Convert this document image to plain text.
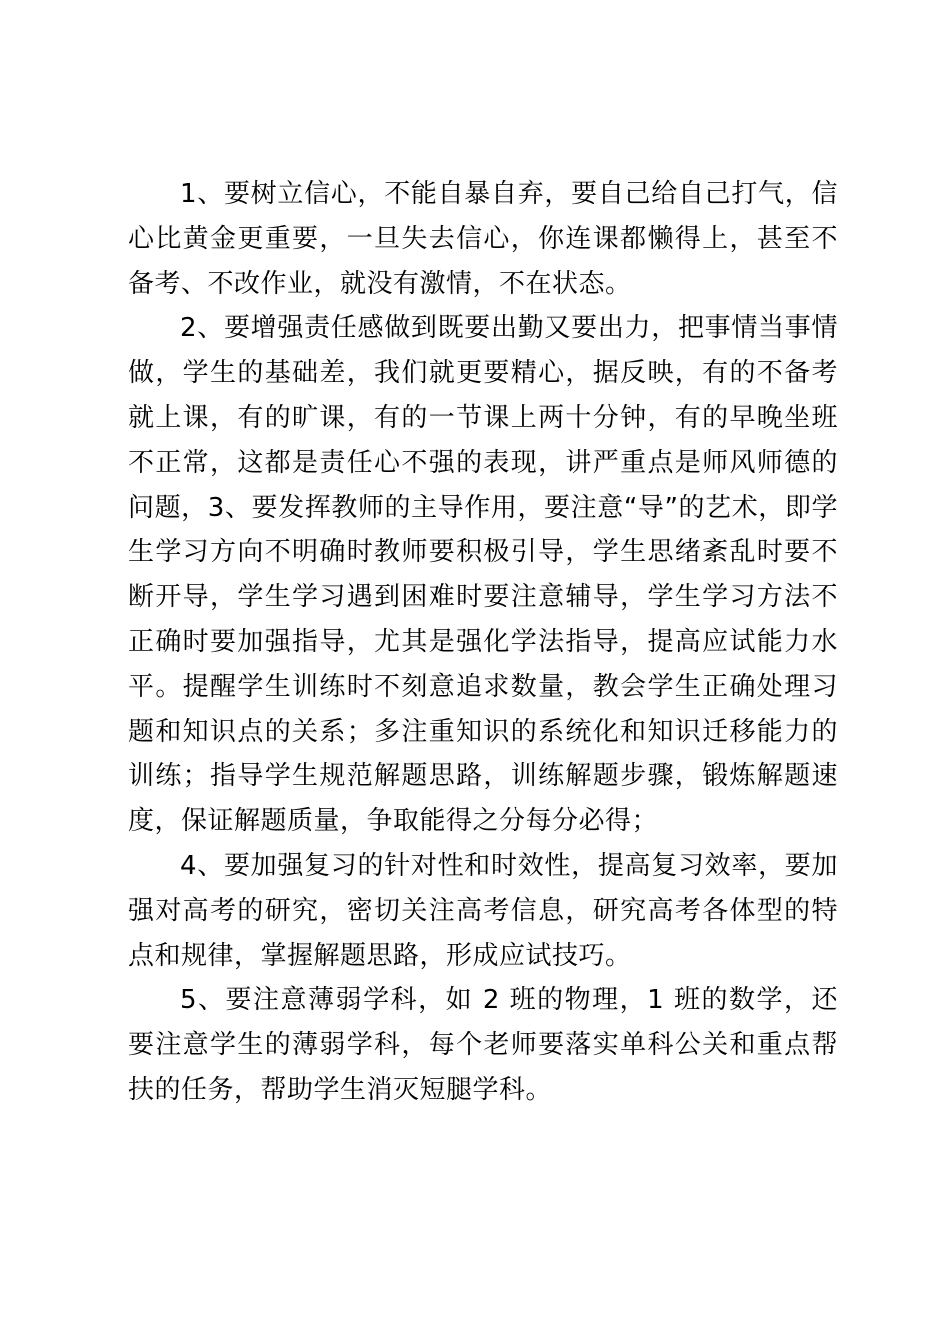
1、要树立信心，不能自暴自弃，要自己给自己打气，信心比黄金更重要，一旦失去信心，你连课都懒得上，甚至不备考、不改作业，就没有激情，不在状态。

2、要增强责任感做到既要出勤又要出力，把事情当事情做，学生的基础差，我们就更要精心，据反映，有的不备考就上课，有的旷课，有的一节课上两十分钟，有的早晚坐班不正常，这都是责任心不强的表现，讲严重点是师风师德的问题，3、要发挥教师的主导作用，要注意“导”的艺术，即学生学习方向不明确时教师要积极引导，学生思绪紊乱时要不断开导，学生学习遇到困难时要注意辅导，学生学习方法不正确时要加强指导，尤其是强化学法指导，提高应试能力水平。提醒学生训练时不刻意追求数量，教会学生正确处理习题和知识点的关系；多注重知识的系统化和知识迁移能力的训练；指导学生规范解题思路，训练解题步骤，锻炼解题速度，保证解题质量，争取能得之分每分必得；

4、要加强复习的针对性和时效性，提高复习效率，要加强对高考的研究，密切关注高考信息，研究高考各体型的特点和规律，掌握解题思路，形成应试技巧。

5、要注意薄弱学科，如 2 班的物理，1 班的数学，还要注意学生的薄弱学科，每个老师要落实单科公关和重点帮扶的任务，帮助学生消灭短腿学科。
